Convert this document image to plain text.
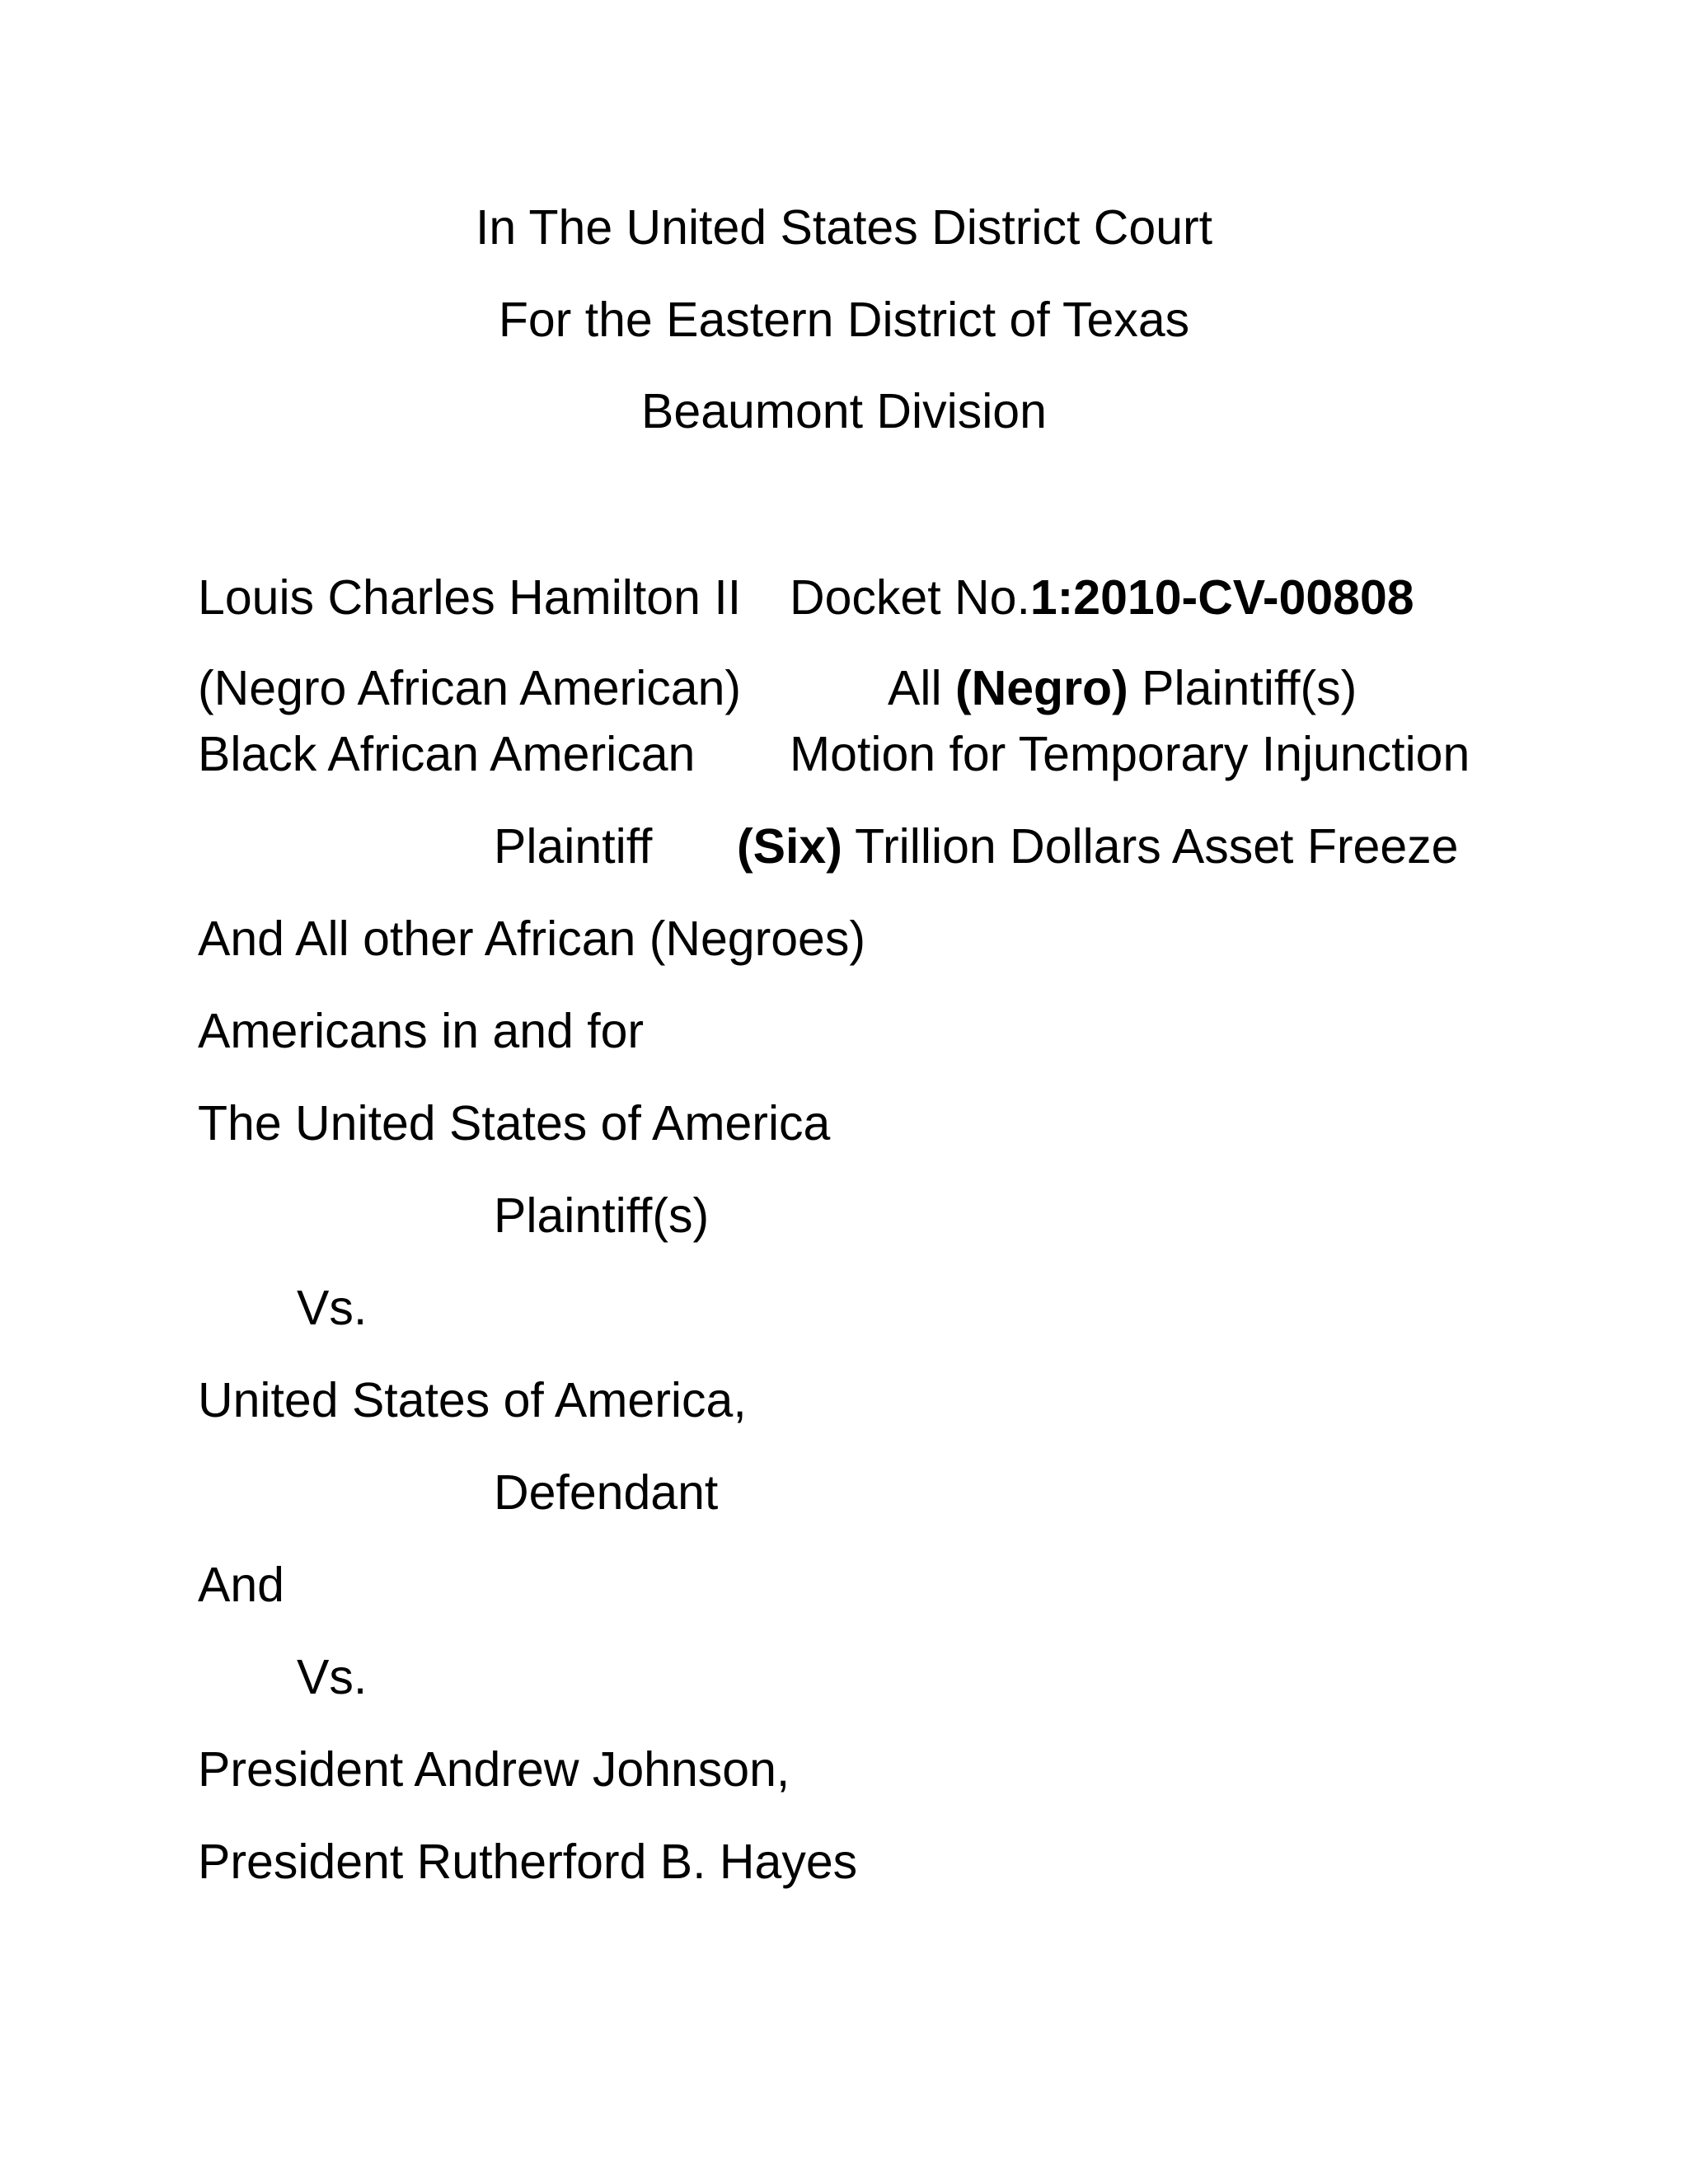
In The United States District Court

For the Eastern District of Texas

Beaumont Division

Louis Charles Hamilton II Docket No.1:2010-CV-00808

(Negro African American)	All (Negro) Plaintiff(s)

Black African American Motion for Temporary Injunction

Plaintiff (Six) Trillion Dollars Asset Freeze

And All other African (Negroes)

Americans in and for

The United States of America

Plaintiff(s)

Vs.

United States of America,

Defendant

And

Vs.

President Andrew Johnson,

President Rutherford B. Hayes
